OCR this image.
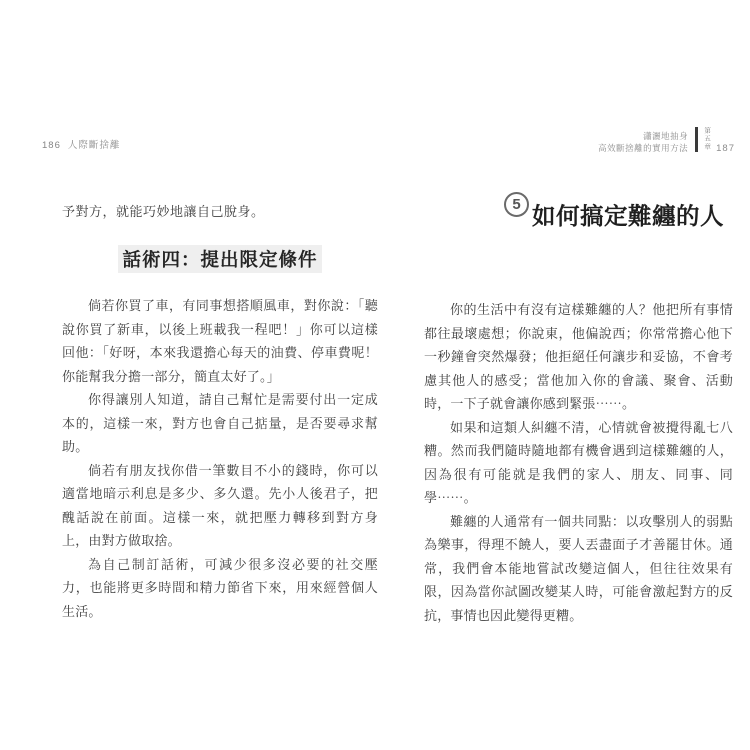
186 人際斷捨離
瀟灑地抽身
高效斷捨離的實用方法 第五章 187
予對方，就能巧妙地讓自己脫身。
話術四：提出限定條件

倘若你買了車，有同事想搭順風車，對你說：「聽說你買了新車，以後上班載我一程吧！」你可以這樣回他：「好呀，本來我還擔心每天的油費、停車費呢！你能幫我分擔一部分，簡直太好了。」

你得讓別人知道，請自己幫忙是需要付出一定成本的，這樣一來，對方也會自己掂量，是否要尋求幫助。

倘若有朋友找你借一筆數目不小的錢時，你可以適當地暗示利息是多少、多久還。先小人後君子，把醜話說在前面。這樣一來，就把壓力轉移到對方身上，由對方做取捨。

為自己制訂話術，可減少很多沒必要的社交壓力，也能將更多時間和精力節省下來，用來經營個人生活。

5 如何搞定難纏的人

你的生活中有沒有這樣難纏的人？他把所有事情都往最壞處想；你說東，他偏說西；你常常擔心他下一秒鐘會突然爆發；他拒絕任何讓步和妥協，不會考慮其他人的感受；當他加入你的會議、聚會、活動時，一下子就會讓你感到緊張⋯⋯。

如果和這類人糾纏不清，心情就會被攪得亂七八糟。然而我們隨時隨地都有機會遇到這樣難纏的人，因為很有可能就是我們的家人、朋友、同事、同學⋯⋯。

難纏的人通常有一個共同點：以攻擊別人的弱點為樂事，得理不饒人，要人丟盡面子才善罷甘休。通常，我們會本能地嘗試改變這個人，但往往效果有限，因為當你試圖改變某人時，可能會激起對方的反抗，事情也因此變得更糟。
